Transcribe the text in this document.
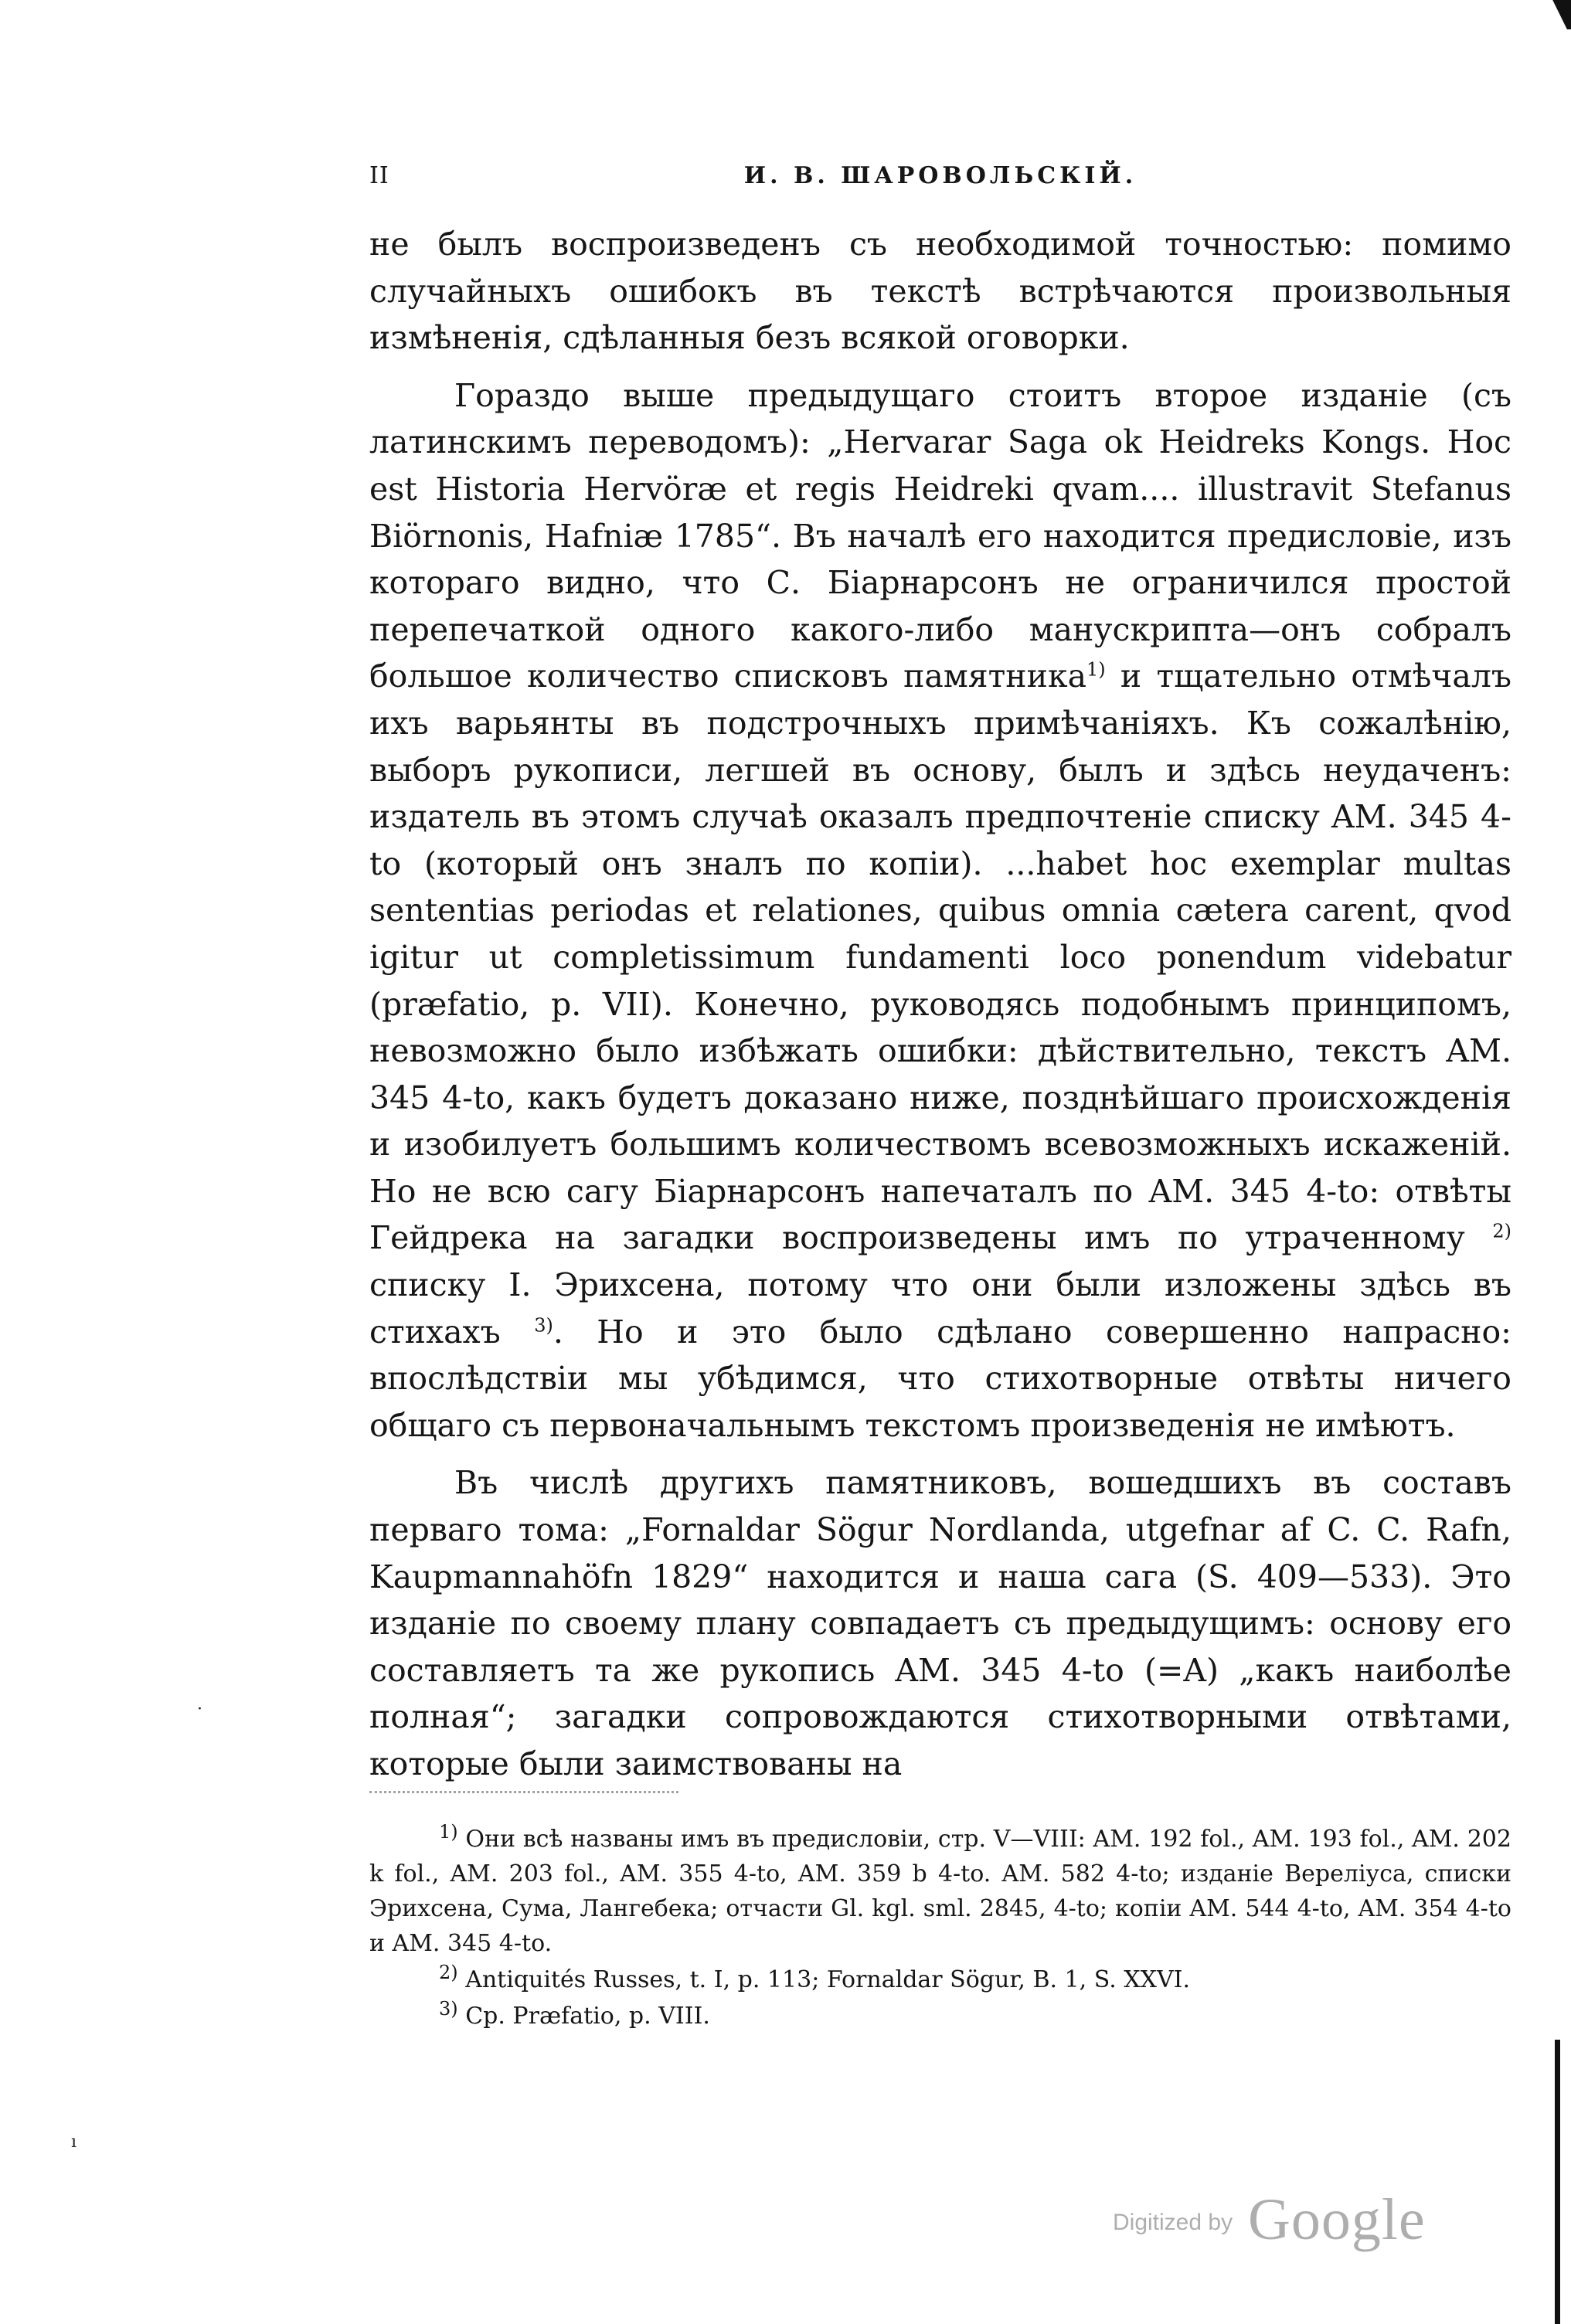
·
ı
II	И. В. ШАРОВОЛЬСКІЙ.

не былъ воспроизведенъ съ необходимой точностью: помимо случайныхъ ошибокъ въ текстѣ встрѣчаются произвольныя измѣненія, сдѣланныя безъ всякой оговорки.

Гораздо выше предыдущаго стоитъ второе изданіе (съ латинскимъ переводомъ): „Hervarar Saga ok Heidreks Kongs. Hoc est Historia Hervöræ et regis Heidreki qvam.... illustravit Stefanus Biörnonis, Hafniæ 1785“. Въ началѣ его находится предисловіе, изъ котораго видно, что С. Біарнарсонъ не ограничился простой перепечаткой одного какого-либо манускрипта—онъ собралъ большое количество списковъ памятника$^{1)}$ и тщательно отмѣчалъ ихъ варьянты въ подстрочныхъ примѣчаніяхъ. Къ сожалѣнію, выборъ рукописи, легшей въ основу, былъ и здѣсь неудаченъ: издатель въ этомъ случаѣ оказалъ предпочтеніе списку AM. 345 4-to (который онъ зналъ по копіи). ...habet hoc exemplar multas sententias periodas et relationes, quibus omnia cætera carent, qvod igitur ut completissimum fundamenti loco ponendum videbatur (præfatio, p. VII). Конечно, руководясь подобнымъ принципомъ, невозможно было избѣжать ошибки: дѣйствительно, текстъ AM. 345 4-to, какъ будетъ доказано ниже, позднѣйшаго происхожденія и изобилуетъ большимъ количествомъ всевозможныхъ искаженій. Но не всю сагу Біарнарсонъ напечаталъ по AM. 345 4-to: отвѣты Гейдрека на загадки воспроизведены имъ по утраченному $^{2)}$ списку I. Эрихсена, потому что они были изложены здѣсь въ стихахъ $^{3)}$. Но и это было сдѣлано совершенно напрасно: впослѣдствіи мы убѣдимся, что стихотворные отвѣты ничего общаго съ первоначальнымъ текстомъ произведенія не имѣютъ.

Въ числѣ другихъ памятниковъ, вошедшихъ въ составъ перваго тома: „Fornaldar Sögur Nordlanda, utgefnar af C. C. Rafn, Kaupmannahöfn 1829“ находится и наша сага (S. 409—533). Это изданіе по своему плану совпадаетъ съ предыдущимъ: основу его составляетъ та же рукопись AM. 345 4-to (=A) „какъ наиболѣе полная“; загадки сопровождаются стихотворными отвѣтами, которые были заимствованы на

$^{1)}$ Они всѣ названы имъ въ предисловіи, стр. V—VIII: AM. 192 fol., AM. 193 fol., AM. 202 k fol., AM. 203 fol., AM. 355 4-to, AM. 359 b 4-to. AM. 582 4-to; изданіе Вереліуса, списки Эрихсена, Сума, Лангебека; отчасти Gl. kgl. sml. 2845, 4-to; копіи AM. 544 4-to, AM. 354 4-to и AM. 345 4-to.

$^{2)}$ Antiquités Russes, t. I, p. 113; Fornaldar Sögur, B. 1, S. XXVI.

$^{3)}$ Ср. Præfatio, p. VIII.

Digitized by Google
